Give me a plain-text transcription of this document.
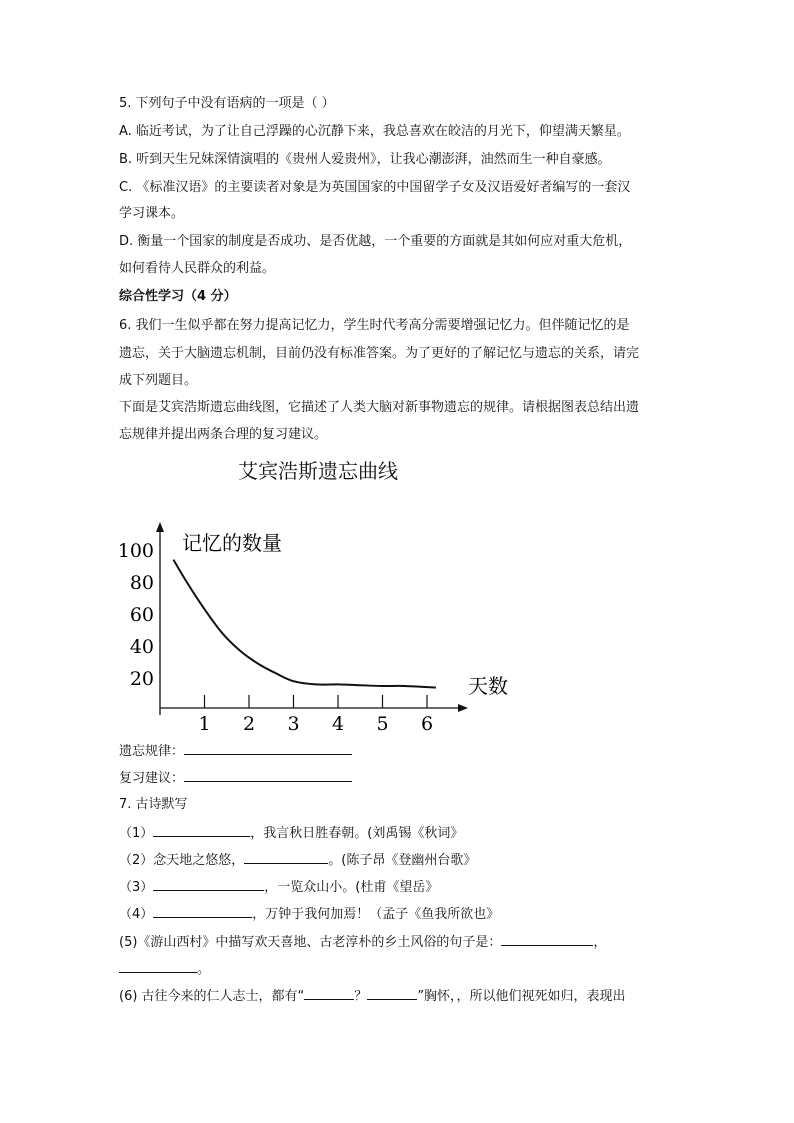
5. 下列句子中没有语病的一项是（ ）
A. 临近考试，为了让自己浮躁的心沉静下来，我总喜欢在皎洁的月光下，仰望满天繁星。
B. 听到天生兄妹深情演唱的《贵州人爱贵州》，让我心潮澎湃，油然而生一种自豪感。
C. 《标准汉语》的主要读者对象是为英国国家的中国留学子女及汉语爱好者编写的一套汉
学习课本。
D. 衡量一个国家的制度是否成功、是否优越，一个重要的方面就是其如何应对重大危机，
如何看待人民群众的利益。
综合性学习（4 分）
6. 我们一生似乎都在努力提高记忆力，学生时代考高分需要增强记忆力。但伴随记忆的是
遗忘，关于大脑遗忘机制，目前仍没有标准答案。为了更好的了解记忆与遗忘的关系，请完
成下列题目。
下面是艾宾浩斯遗忘曲线图，它描述了人类大脑对新事物遗忘的规律。请根据图表总结出遗
忘规律并提出两条合理的复习建议。
艾宾浩斯遗忘曲线
1 2 3 4 5 6
100
80
60
40
20
记忆的数量
天数
遗忘规律：
复习建议：
7. 古诗默写
（1）	，我言秋日胜春朝。(刘禹锡《秋词》
（2）念天地之悠悠，	。(陈子昂《登幽州台歌》
（3）	，一览众山小。(杜甫《望岳》
（4）	，万钟于我何加焉！（孟子《鱼我所欲也》
(5)《游山西村》中描写欢天喜地、古老淳朴的乡土风俗的句子是：	，
。
(6) 古往今来的仁人志士，都有“	？	”胸怀，，所以他们视死如归，表现出
